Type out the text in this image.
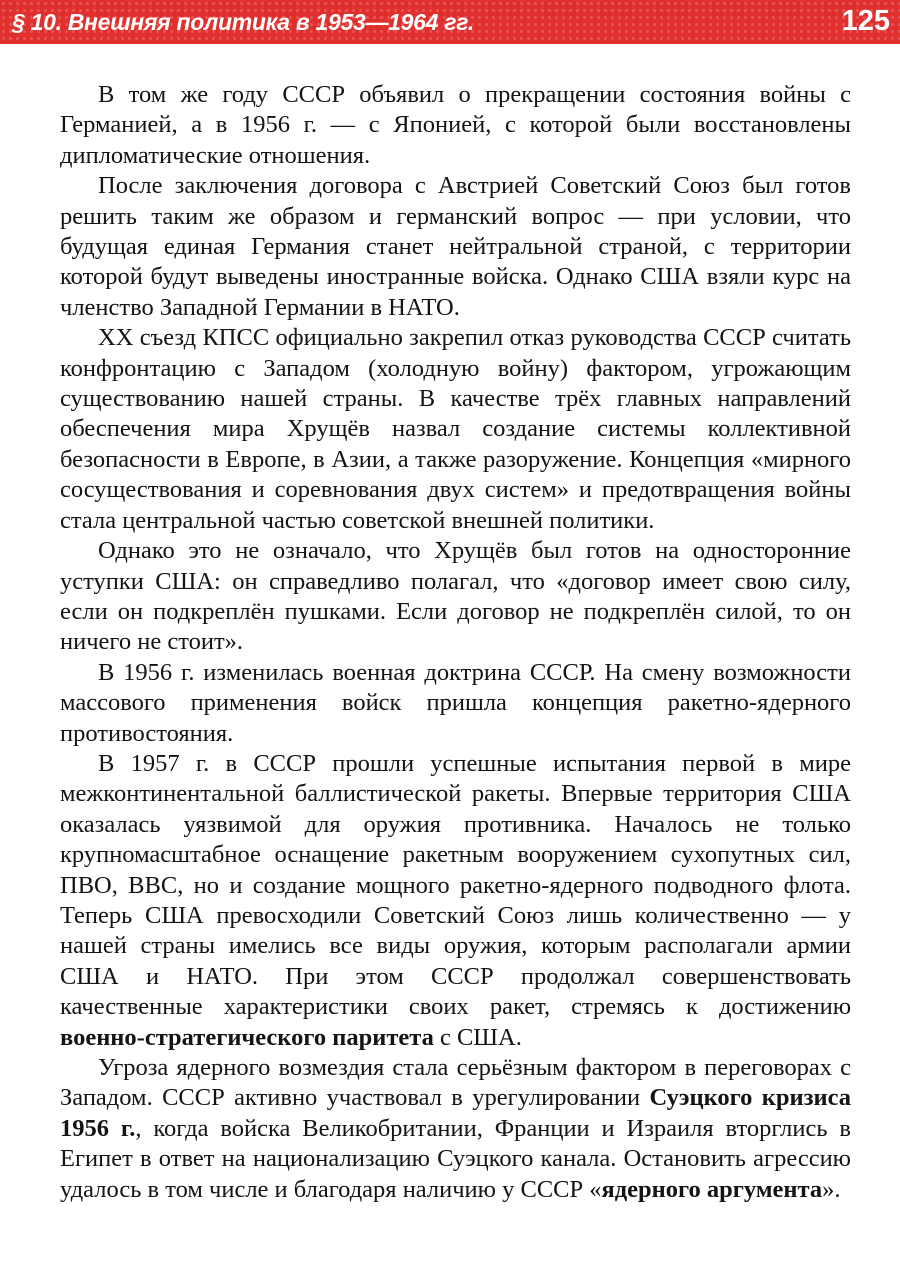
§ 10. Внешняя политика в 1953—1964 гг.	125

В том же году СССР объявил о прекращении состояния войны с Германией, а в 1956 г. — с Японией, с которой были восстановлены дипломатические отношения.

После заключения договора с Австрией Советский Союз был готов решить таким же образом и германский вопрос — при условии, что будущая единая Германия станет нейтральной страной, с территории которой будут выведены иностранные войска. Однако США взяли курс на членство Западной Германии в НАТО.

XX съезд КПСС официально закрепил отказ руководства СССР считать конфронтацию с Западом (холодную войну) фактором, угрожающим существованию нашей страны. В качестве трёх главных направлений обеспечения мира Хрущёв назвал создание системы коллективной безопасности в Европе, в Азии, а также разоружение. Концепция «мирного сосуществования и соревнования двух систем» и предотвращения войны стала центральной частью советской внешней политики.

Однако это не означало, что Хрущёв был готов на односторонние уступки США: он справедливо полагал, что «договор имеет свою силу, если он подкреплён пушками. Если договор не подкреплён силой, то он ничего не стоит».

В 1956 г. изменилась военная доктрина СССР. На смену возможности массового применения войск пришла концепция ракетно-ядерного противостояния.

В 1957 г. в СССР прошли успешные испытания первой в мире межконтинентальной баллистической ракеты. Впервые территория США оказалась уязвимой для оружия противника. Началось не только крупномасштабное оснащение ракетным вооружением сухопутных сил, ПВО, ВВС, но и создание мощного ракетно-ядерного подводного флота. Теперь США превосходили Советский Союз лишь количественно — у нашей страны имелись все виды оружия, которым располагали армии США и НАТО. При этом СССР продолжал совершенствовать качественные характеристики своих ракет, стремясь к достижению военно-стратегического паритета с США.

Угроза ядерного возмездия стала серьёзным фактором в переговорах с Западом. СССР активно участвовал в урегулировании Суэцкого кризиса 1956 г., когда войска Великобритании, Франции и Израиля вторглись в Египет в ответ на национализацию Суэцкого канала. Остановить агрессию удалось в том числе и благодаря наличию у СССР «ядерного аргумента».
